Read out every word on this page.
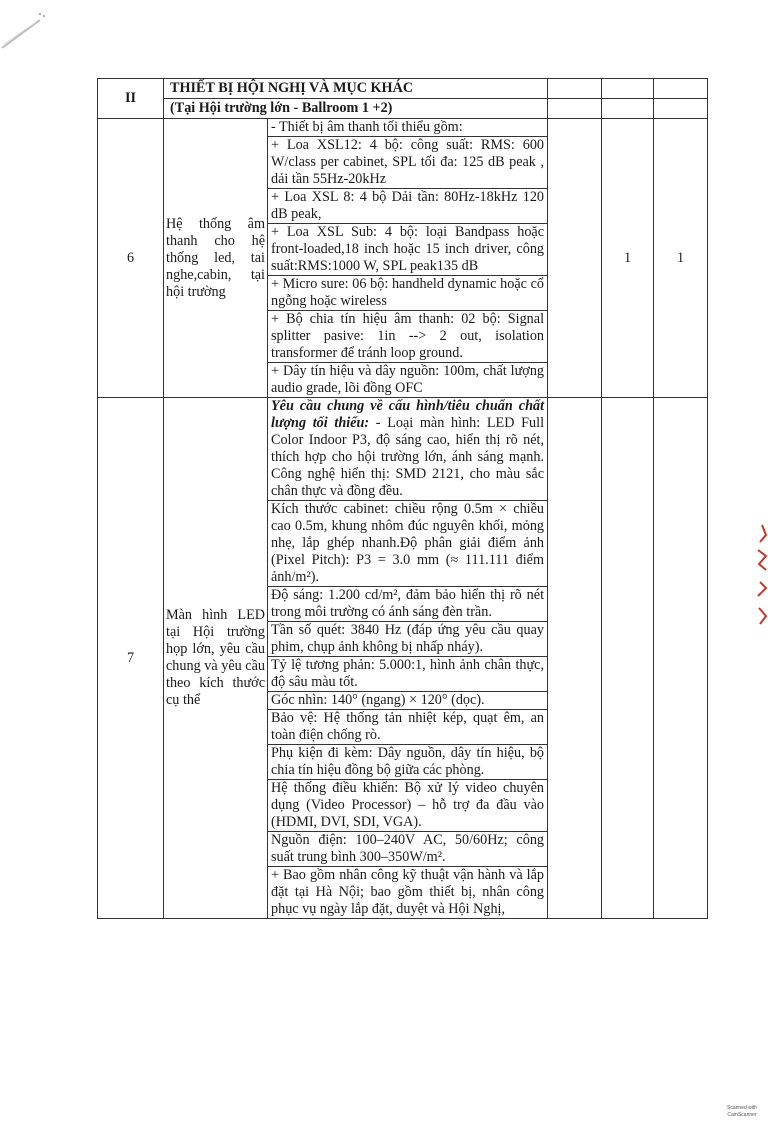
II	THIẾT BỊ HỘI NGHỊ VÀ MỤC KHÁC				
	(Tại Hội trường lớn - Ballroom 1 +2)				
6	Hệ thống âm thanh cho hệ thống led, tai nghe,cabin, tại hội trường	- Thiết bị âm thanh tối thiểu gồm:		1	1
		+ Loa XSL12: 4 bộ: công suất: RMS: 600 W/class per cabinet, SPL tối đa: 125 dB peak , dải tần 55Hz-20kHz			
		+ Loa XSL 8: 4 bộ Dải tần: 80Hz-18kHz 120 dB peak,			
		+ Loa XSL Sub: 4 bộ: loại Bandpass hoặc front-loaded,18 inch hoặc 15 inch driver, công suất:RMS:1000 W, SPL peak135 dB			
		+ Micro sure: 06 bộ: handheld dynamic hoặc cổ ngỗng hoặc wireless			
		+ Bộ chia tín hiệu âm thanh: 02 bộ: Signal splitter pasive: 1in --> 2 out, isolation transformer để tránh loop ground.			
		+ Dây tín hiệu và dây nguồn: 100m, chất lượng audio grade, lõi đồng OFC			
7	Màn hình LED tại Hội trường họp lớn, yêu cầu chung và yêu cầu theo kích thước cụ thể	Yêu cầu chung về cấu hình/tiêu chuẩn chất lượng tối thiểu: - Loại màn hình: LED Full Color Indoor P3, độ sáng cao, hiển thị rõ nét, thích hợp cho hội trường lớn, ánh sáng mạnh. Công nghệ hiển thị: SMD 2121, cho màu sắc chân thực và đồng đều.			
		Kích thước cabinet: chiều rộng 0.5m × chiều cao 0.5m, khung nhôm đúc nguyên khối, mỏng nhẹ, lắp ghép nhanh.Độ phân giải điểm ảnh (Pixel Pitch): P3 = 3.0 mm (≈ 111.111 điểm ảnh/m²).			
		Độ sáng: 1.200 cd/m², đảm bảo hiển thị rõ nét trong môi trường có ánh sáng đèn trần.			
		Tần số quét: 3840 Hz (đáp ứng yêu cầu quay phim, chụp ảnh không bị nhấp nháy).			
		Tỷ lệ tương phản: 5.000:1, hình ảnh chân thực, độ sâu màu tốt.			
		Góc nhìn: 140° (ngang) × 120° (dọc).			
		Bảo vệ: Hệ thống tản nhiệt kép, quạt êm, an toàn điện chống rò.			
		Phụ kiện đi kèm: Dây nguồn, dây tín hiệu, bộ chia tín hiệu đồng bộ giữa các phòng.			
		Hệ thống điều khiển: Bộ xử lý video chuyên dụng (Video Processor) – hỗ trợ đa đầu vào (HDMI, DVI, SDI, VGA).			
		Nguồn điện: 100–240V AC, 50/60Hz; công suất trung bình 300–350W/m².			
		+ Bao gồm nhân công kỹ thuật vận hành và lắp đặt tại Hà Nội; bao gồm thiết bị, nhân công phục vụ ngày lắp đặt, duyệt và Hội Nghị,			
Scanned with
CamScanner
